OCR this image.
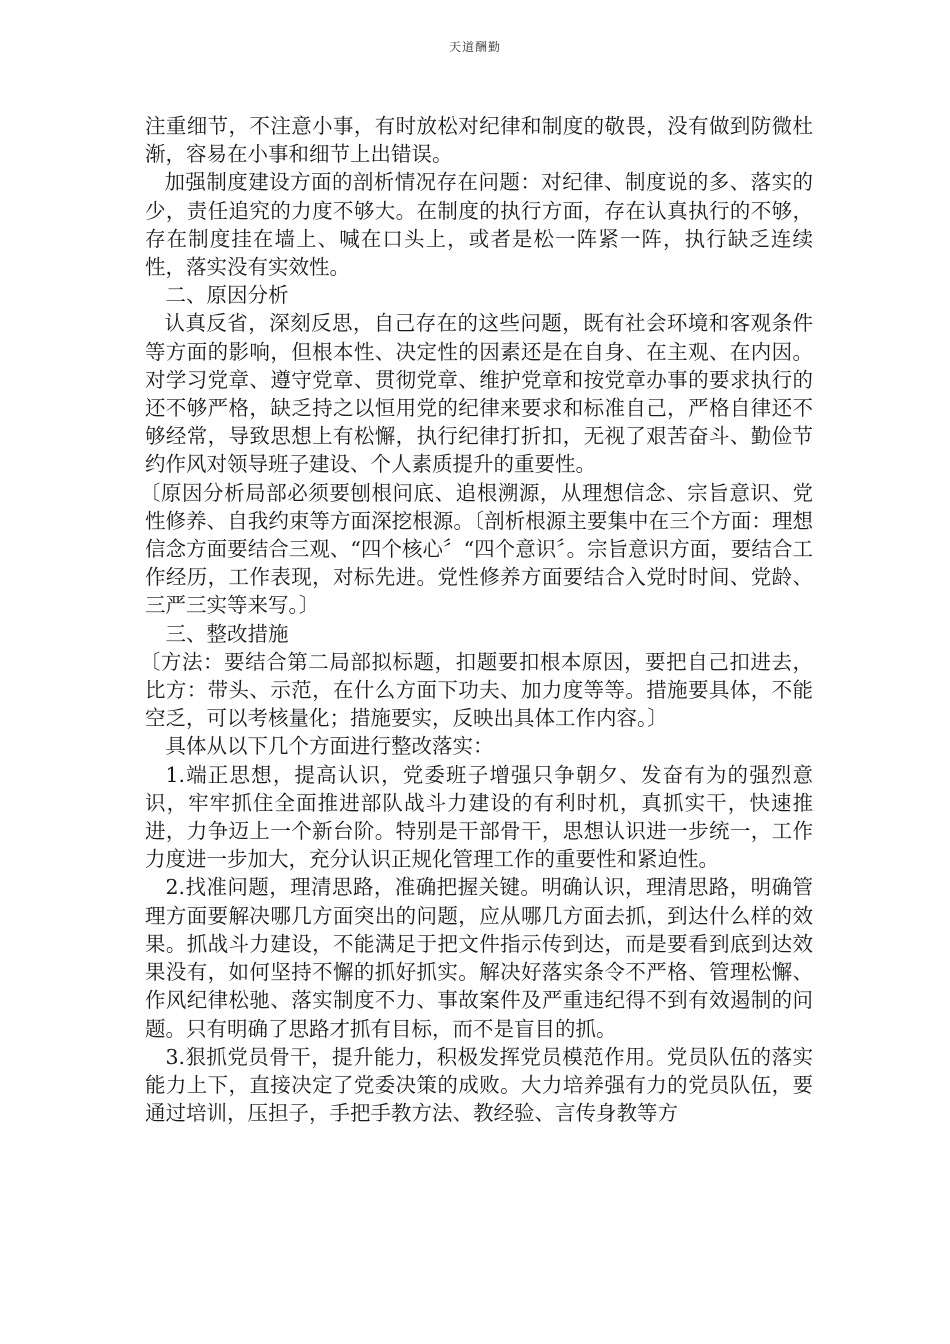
天道酬勤

注重细节，不注意小事，有时放松对纪律和制度的敬畏，没有做到防微杜渐，容易在小事和细节上出错误。

加强制度建设方面的剖析情况存在问题：对纪律、制度说的多、落实的少，责任追究的力度不够大。在制度的执行方面，存在认真执行的不够，存在制度挂在墙上、喊在口头上，或者是松一阵紧一阵，执行缺乏连续性，落实没有实效性。

二、原因分析

认真反省，深刻反思，自己存在的这些问题，既有社会环境和客观条件等方面的影响，但根本性、决定性的因素还是在自身、在主观、在内因。对学习党章、遵守党章、贯彻党章、维护党章和按党章办事的要求执行的还不够严格，缺乏持之以恒用党的纪律来要求和标准自己，严格自律还不够经常，导致思想上有松懈，执行纪律打折扣，无视了艰苦奋斗、勤俭节约作风对领导班子建设、个人素质提升的重要性。

〔原因分析局部必须要刨根问底、追根溯源，从理想信念、宗旨意识、党性修养、自我约束等方面深挖根源。〔剖析根源主要集中在三个方面：理想信念方面要结合三观、“四个核心〞“四个意识〞。宗旨意识方面，要结合工作经历，工作表现，对标先进。党性修养方面要结合入党时时间、党龄、三严三实等来写。〕

三、整改措施

〔方法：要结合第二局部拟标题，扣题要扣根本原因，要把自己扣进去，比方：带头、示范，在什么方面下功夫、加力度等等。措施要具体，不能空乏，可以考核量化；措施要实，反映出具体工作内容。〕

具体从以下几个方面进行整改落实：

1.端正思想，提高认识，党委班子增强只争朝夕、发奋有为的强烈意识，牢牢抓住全面推进部队战斗力建设的有利时机，真抓实干，快速推进，力争迈上一个新台阶。特别是干部骨干，思想认识进一步统一，工作力度进一步加大，充分认识正规化管理工作的重要性和紧迫性。

2.找准问题，理清思路，准确把握关键。明确认识，理清思路，明确管理方面要解决哪几方面突出的问题，应从哪几方面去抓，到达什么样的效果。抓战斗力建设，不能满足于把文件指示传到达，而是要看到底到达效果没有，如何坚持不懈的抓好抓实。解决好落实条令不严格、管理松懈、作风纪律松驰、落实制度不力、事故案件及严重违纪得不到有效遏制的问题。只有明确了思路才抓有目标，而不是盲目的抓。

3.狠抓党员骨干，提升能力，积极发挥党员模范作用。党员队伍的落实能力上下，直接决定了党委决策的成败。大力培养强有力的党员队伍，要通过培训，压担子，手把手教方法、教经验、言传身教等方
